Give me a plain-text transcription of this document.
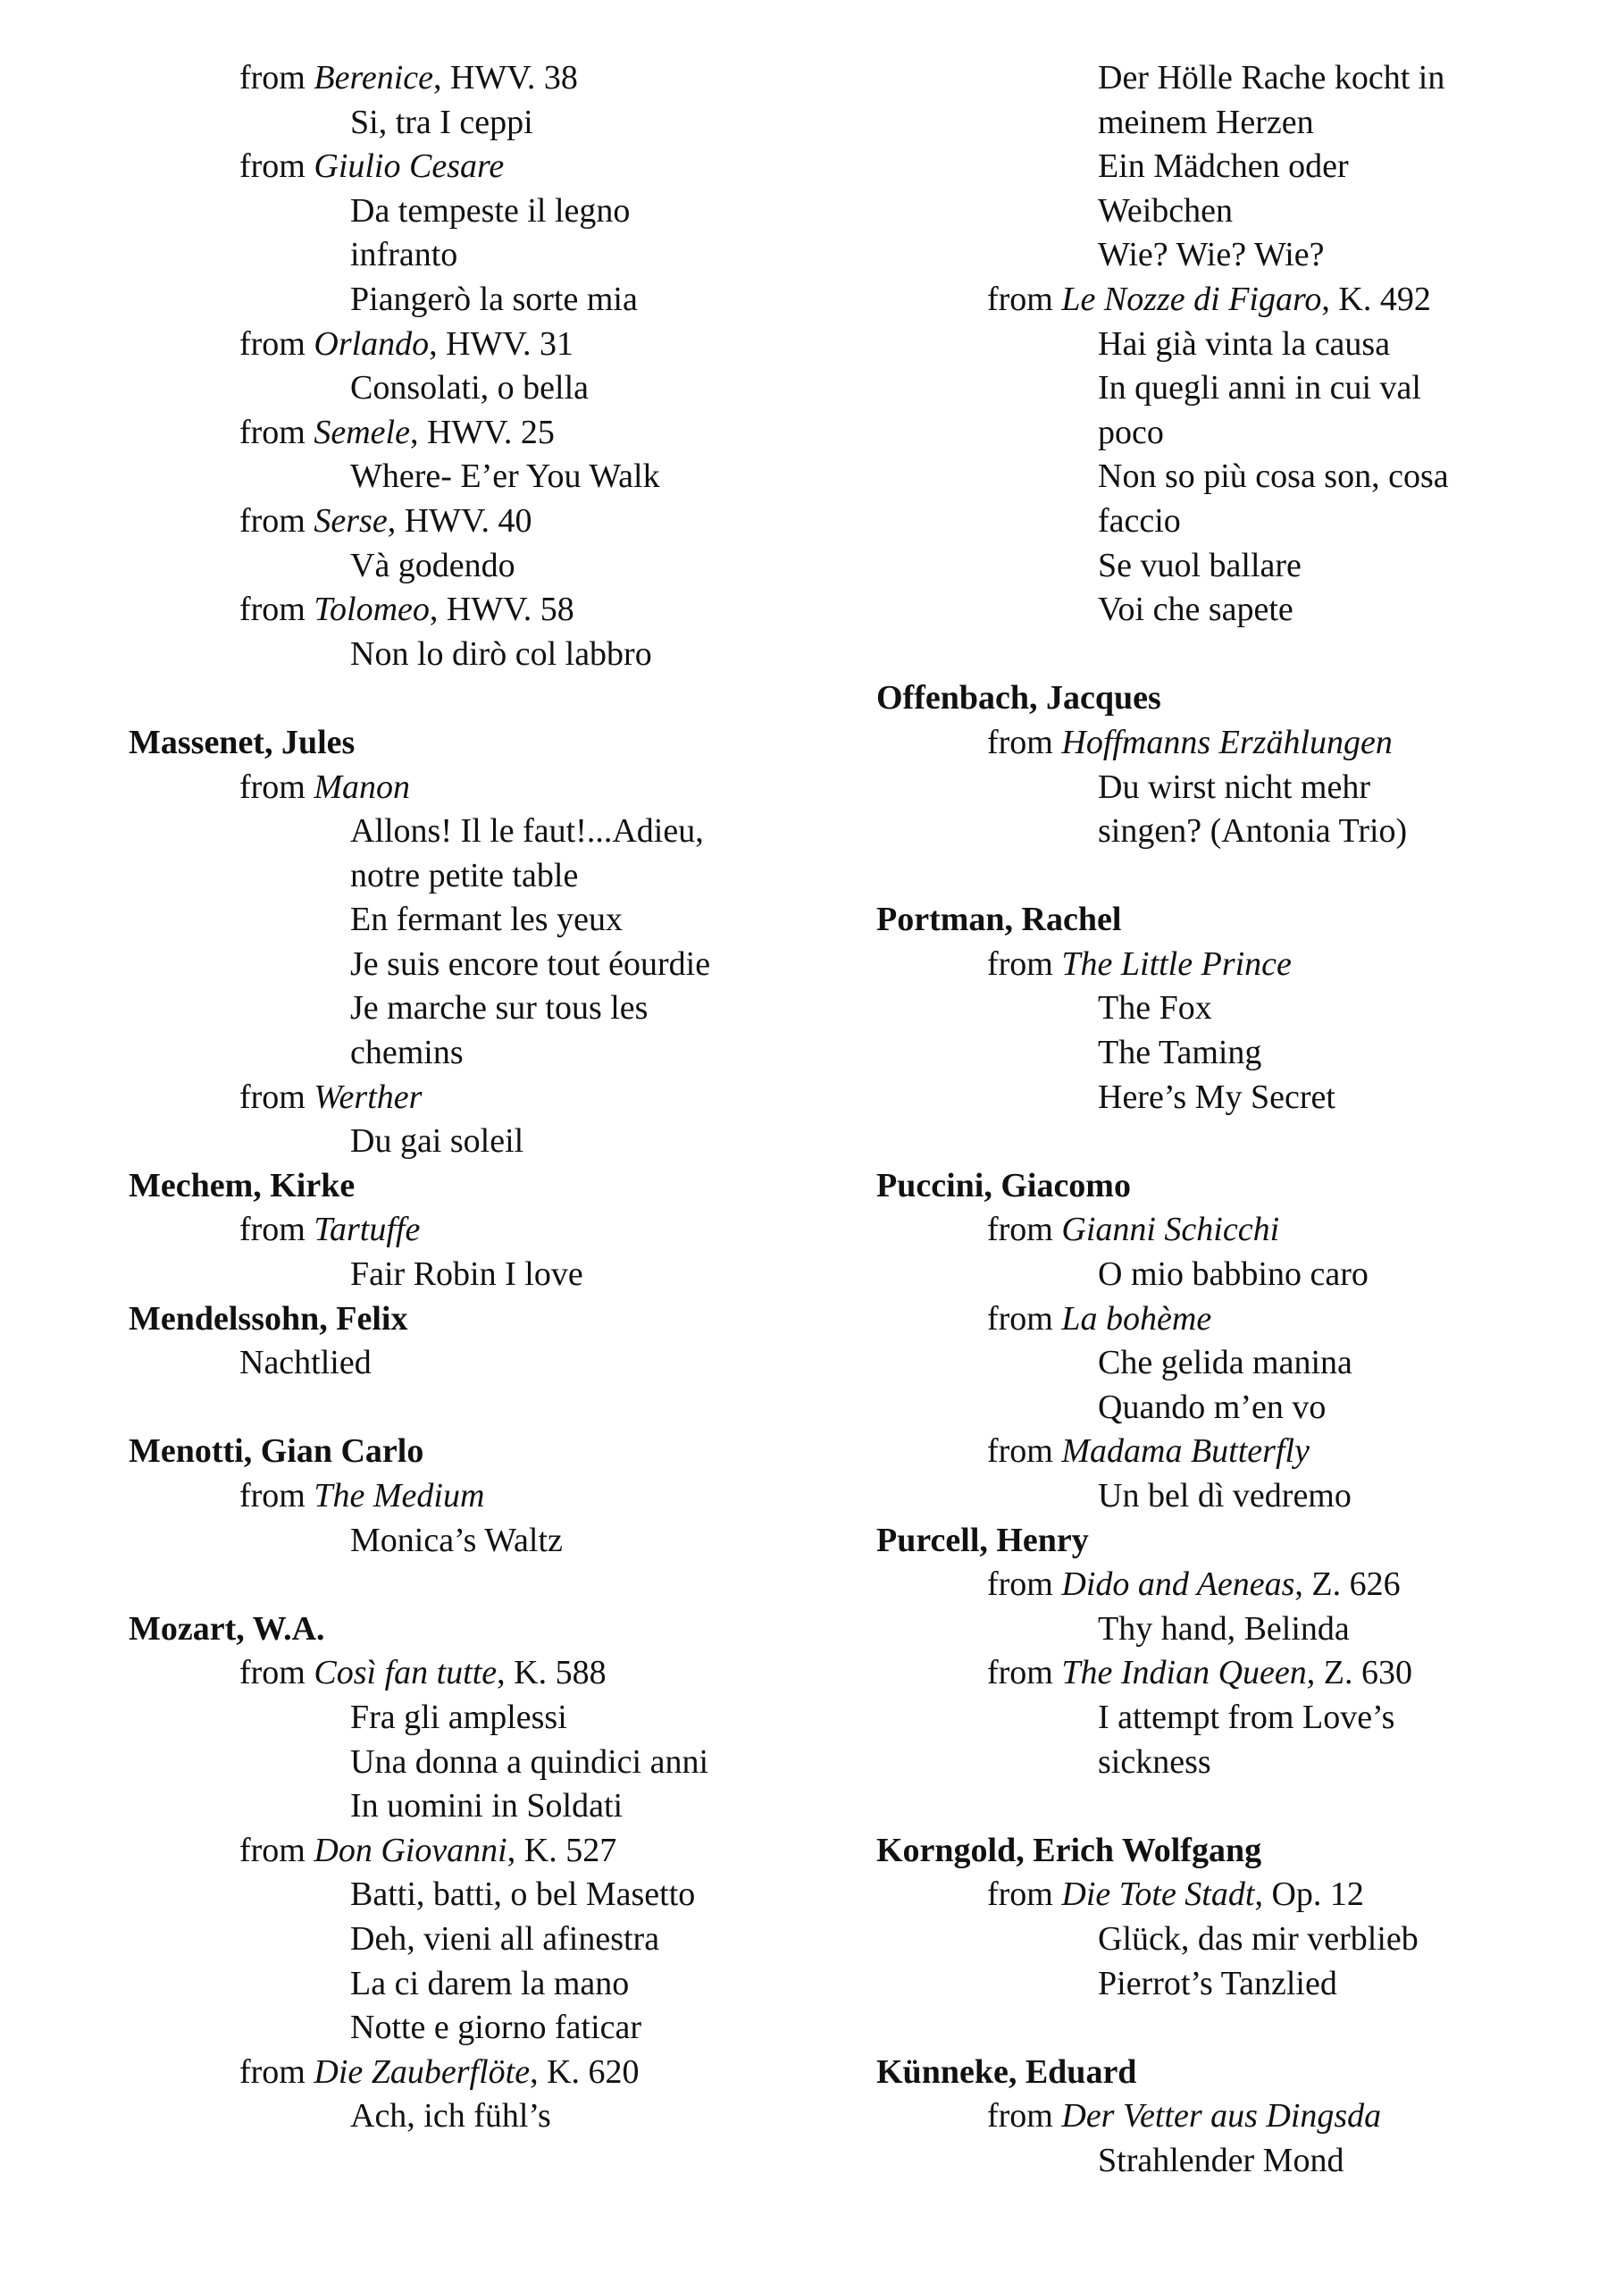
from Berenice, HWV. 38
Si, tra I ceppi
from Giulio Cesare
Da tempeste il legno
infranto
Piangerò la sorte mia
from Orlando, HWV. 31
Consolati, o bella
from Semele, HWV. 25
Where- E’er You Walk
from Serse, HWV. 40
Và godendo
from Tolomeo, HWV. 58
Non lo dirò col labbro
Massenet, Jules
from Manon
Allons! Il le faut!...Adieu,
notre petite table
En fermant les yeux
Je suis encore tout éourdie
Je marche sur tous les
chemins
from Werther
Du gai soleil
Mechem, Kirke
from Tartuffe
Fair Robin I love
Mendelssohn, Felix
Nachtlied
Menotti, Gian Carlo
from The Medium
Monica’s Waltz
Mozart, W.A.
from Così fan tutte, K. 588
Fra gli amplessi
Una donna a quindici anni
In uomini in Soldati
from Don Giovanni, K. 527
Batti, batti, o bel Masetto
Deh, vieni all afinestra
La ci darem la mano
Notte e giorno faticar
from Die Zauberflöte, K. 620
Ach, ich fühl’s
Der Hölle Rache kocht in
meinem Herzen
Ein Mädchen oder
Weibchen
Wie? Wie? Wie?
from Le Nozze di Figaro, K. 492
Hai già vinta la causa
In quegli anni in cui val
poco
Non so più cosa son, cosa
faccio
Se vuol ballare
Voi che sapete
Offenbach, Jacques
from Hoffmanns Erzählungen
Du wirst nicht mehr
singen? (Antonia Trio)
Portman, Rachel
from The Little Prince
The Fox
The Taming
Here’s My Secret
Puccini, Giacomo
from Gianni Schicchi
O mio babbino caro
from La bohème
Che gelida manina
Quando m’en vo
from Madama Butterfly
Un bel dì vedremo
Purcell, Henry
from Dido and Aeneas, Z. 626
Thy hand, Belinda
from The Indian Queen, Z. 630
I attempt from Love’s
sickness
Korngold, Erich Wolfgang
from Die Tote Stadt, Op. 12
Glück, das mir verblieb
Pierrot’s Tanzlied
Künneke, Eduard
from Der Vetter aus Dingsda
Strahlender Mond
